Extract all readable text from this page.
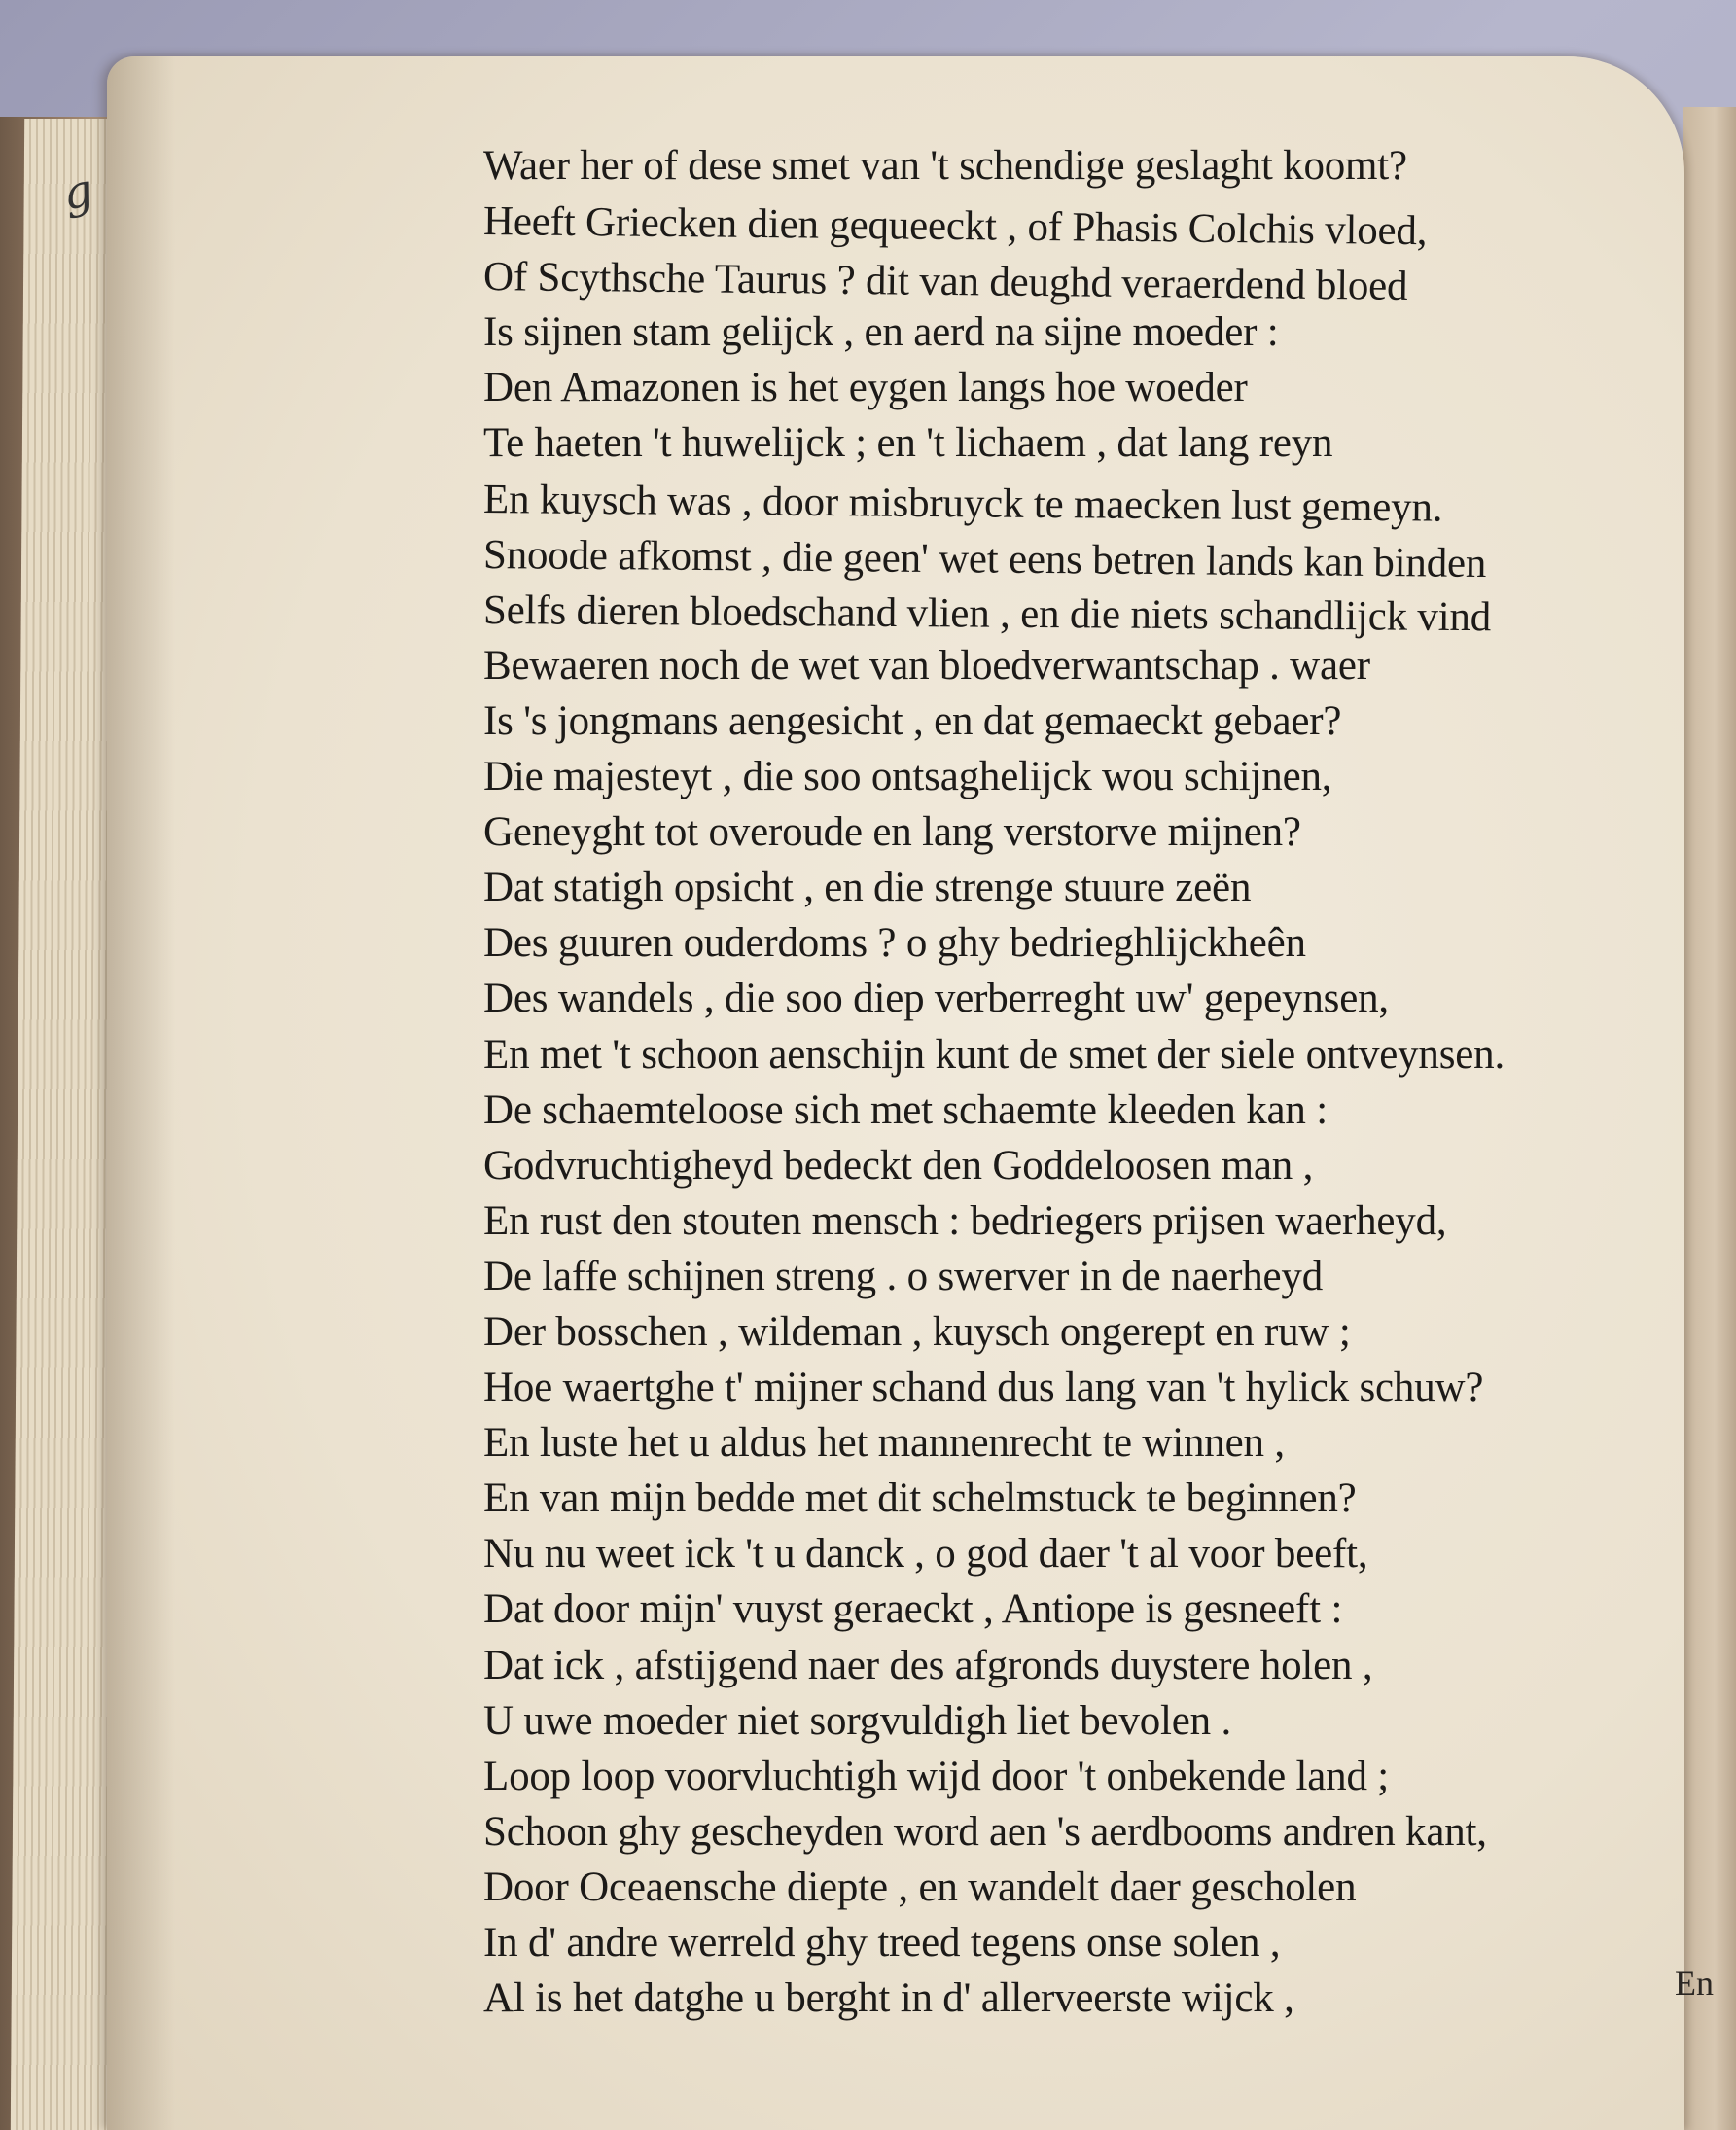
g	Waer her of dese smet van 't schendige geslaght koomt?
Heeft Griecken dien gequeeckt , of Phasis Colchis vloed,
Of Scythsche Taurus ? dit van deughd veraerdend bloed
Is sijnen stam gelijck , en aerd na sijne moeder :
Den Amazonen is het eygen langs hoe woeder
Te haeten 't huwelijck ; en 't lichaem , dat lang reyn
En kuysch was , door misbruyck te maecken lust gemeyn.
Snoode afkomst , die geen' wet eens betren lands kan binden
Selfs dieren bloedschand vlien , en die niets schandlijck vind
Bewaeren noch de wet van bloedverwantschap . waer
Is 's jongmans aengesicht , en dat gemaeckt gebaer?
Die majesteyt , die soo ontsaghelijck wou schijnen,
Geneyght tot overoude en lang verstorve mijnen?
Dat statigh opsicht , en die strenge stuure zeën
Des guuren ouderdoms ? o ghy bedrieghlijckheên
Des wandels , die soo diep verberreght uw' gepeynsen,
En met 't schoon aenschijn kunt de smet der siele ontveynsen.
De schaemteloose sich met schaemte kleeden kan :
Godvruchtigheyd bedeckt den Goddeloosen man ,
En rust den stouten mensch : bedriegers prijsen waerheyd,
De laffe schijnen streng . o swerver in de naerheyd
Der bosschen , wildeman , kuysch ongerept en ruw ;
Hoe waertghe t' mijner schand dus lang van 't hylick schuw?
En luste het u aldus het mannenrecht te winnen ,
En van mijn bedde met dit schelmstuck te beginnen?
Nu nu weet ick 't u danck , o god daer 't al voor beeft,
Dat door mijn' vuyst geraeckt , Antiope is gesneeft :
Dat ick , afstijgend naer des afgronds duystere holen ,
U uwe moeder niet sorgvuldigh liet bevolen .
Loop loop voorvluchtigh wijd door 't onbekende land ;
Schoon ghy gescheyden word aen 's aerdbooms andren kant,
Door Oceaensche diepte , en wandelt daer gescholen
In d' andre werreld ghy treed tegens onse solen ,
Al is het datghe u berght in d' allerveerste wijck ,	En
